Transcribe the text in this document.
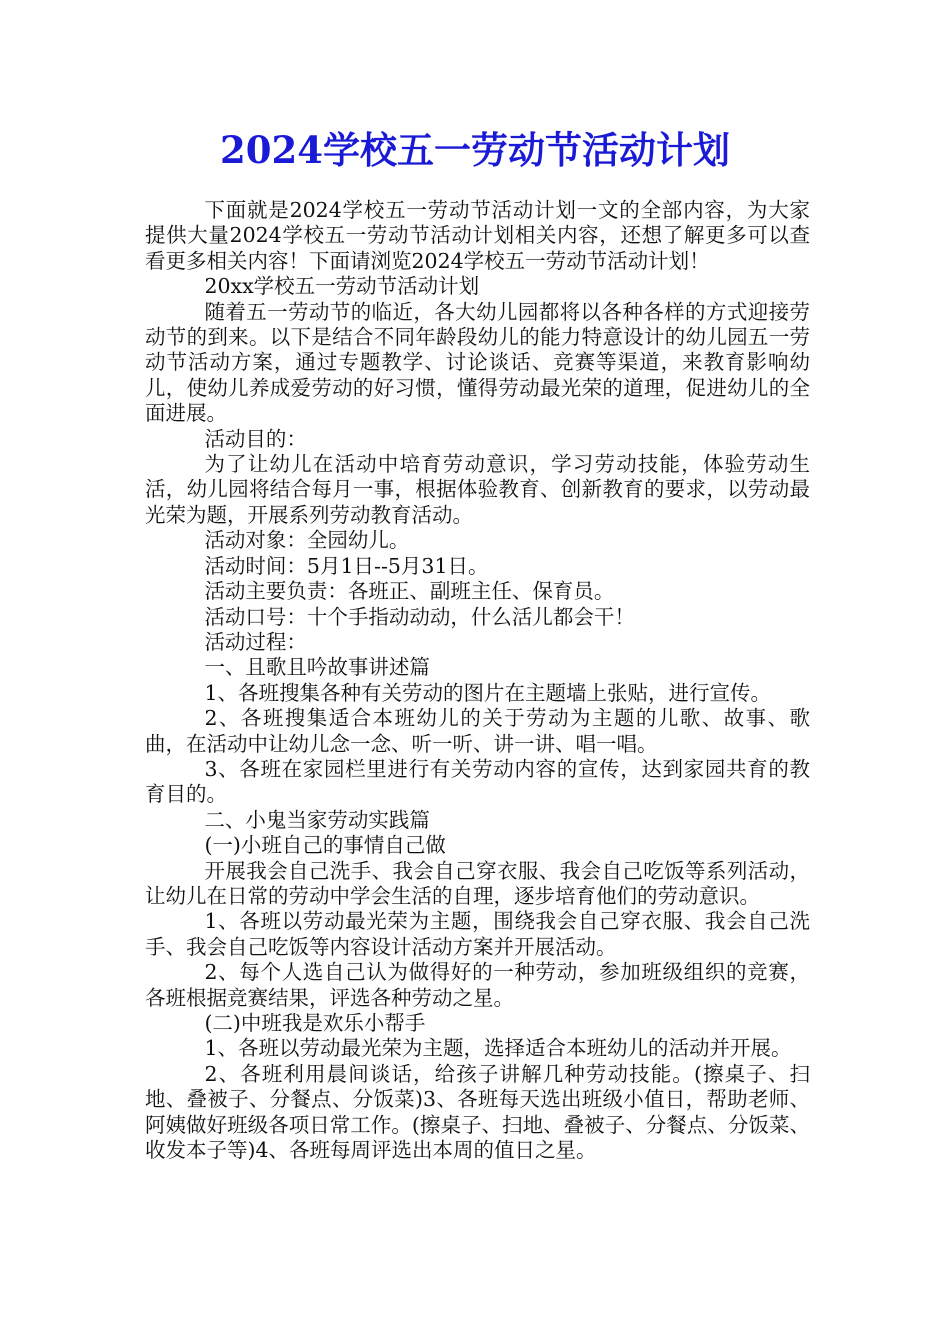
2024学校五一劳动节活动计划

下面就是2024学校五一劳动节活动计划一文的全部内容，为大家提供大量2024学校五一劳动节活动计划相关内容，还想了解更多可以查看更多相关内容！下面请浏览2024学校五一劳动节活动计划！

20xx学校五一劳动节活动计划

随着五一劳动节的临近，各大幼儿园都将以各种各样的方式迎接劳动节的到来。以下是结合不同年龄段幼儿的能力特意设计的幼儿园五一劳动节活动方案，通过专题教学、讨论谈话、竞赛等渠道，来教育影响幼儿，使幼儿养成爱劳动的好习惯，懂得劳动最光荣的道理，促进幼儿的全面进展。

活动目的：

为了让幼儿在活动中培育劳动意识，学习劳动技能，体验劳动生活，幼儿园将结合每月一事，根据体验教育、创新教育的要求，以劳动最光荣为题，开展系列劳动教育活动。

活动对象：全园幼儿。

活动时间：5月1日--5月31日。

活动主要负责：各班正、副班主任、保育员。

活动口号：十个手指动动动，什么活儿都会干！

活动过程：

一、且歌且吟故事讲述篇

1、各班搜集各种有关劳动的图片在主题墙上张贴，进行宣传。

2、各班搜集适合本班幼儿的关于劳动为主题的儿歌、故事、歌曲，在活动中让幼儿念一念、听一听、讲一讲、唱一唱。

3、各班在家园栏里进行有关劳动内容的宣传，达到家园共育的教育目的。

二、小鬼当家劳动实践篇

(一)小班自己的事情自己做

开展我会自己洗手、我会自己穿衣服、我会自己吃饭等系列活动，让幼儿在日常的劳动中学会生活的自理，逐步培育他们的劳动意识。

1、各班以劳动最光荣为主题，围绕我会自己穿衣服、我会自己洗手、我会自己吃饭等内容设计活动方案并开展活动。

2、每个人选自己认为做得好的一种劳动，参加班级组织的竞赛，各班根据竞赛结果，评选各种劳动之星。

(二)中班我是欢乐小帮手

1、各班以劳动最光荣为主题，选择适合本班幼儿的活动并开展。

2、各班利用晨间谈话，给孩子讲解几种劳动技能。(擦桌子、扫地、叠被子、分餐点、分饭菜)3、各班每天选出班级小值日，帮助老师、阿姨做好班级各项日常工作。(擦桌子、扫地、叠被子、分餐点、分饭菜、收发本子等)4、各班每周评选出本周的值日之星。
